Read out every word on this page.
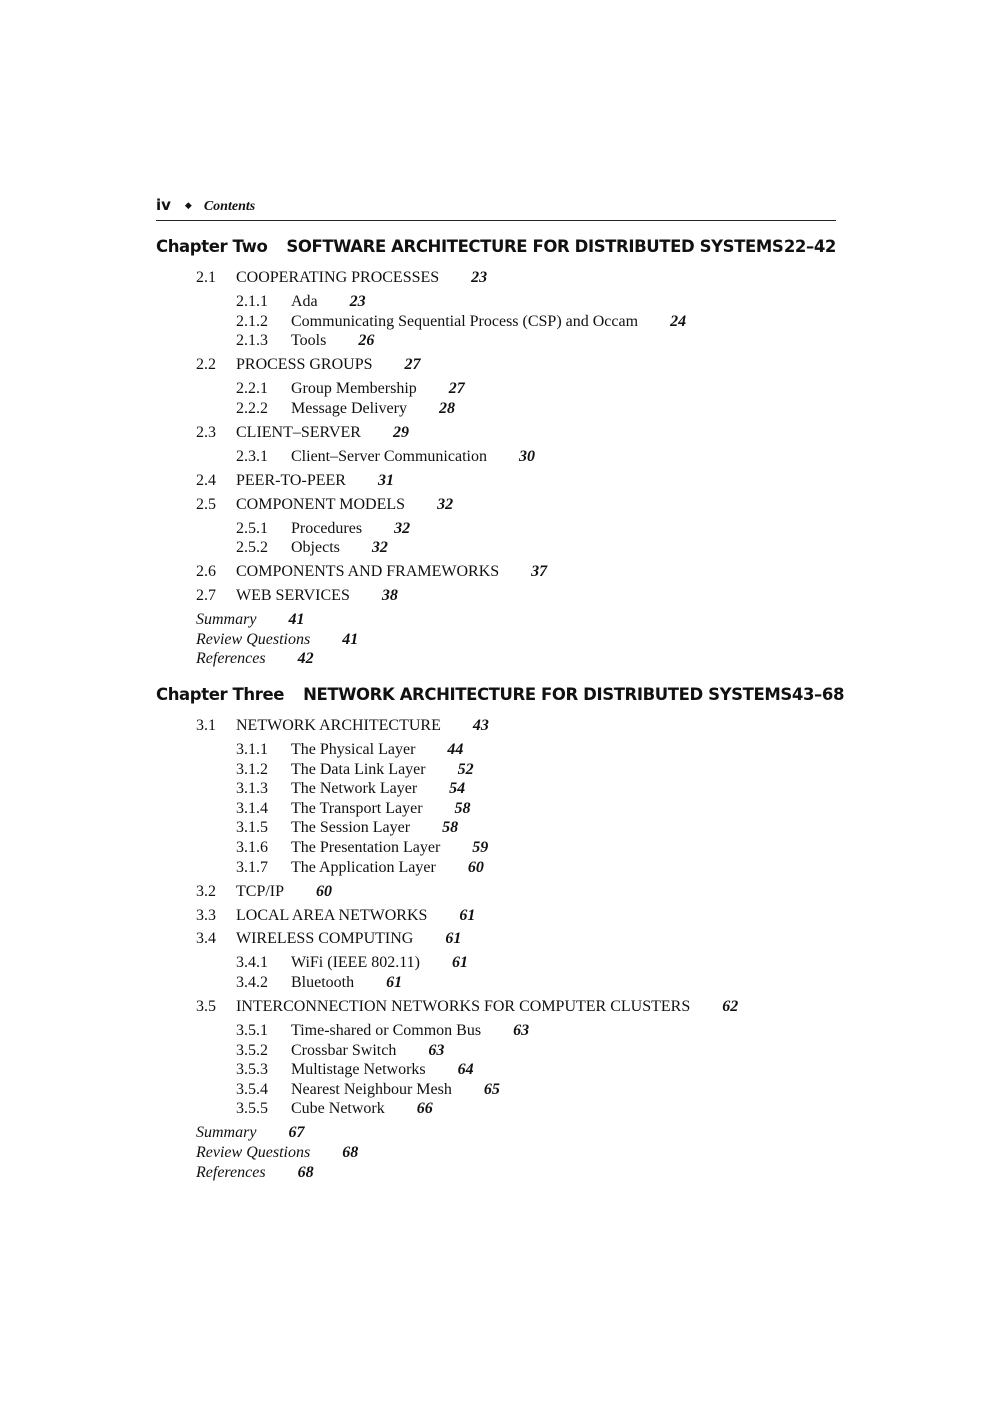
iv ◆ Contents
Chapter Two SOFTWARE ARCHITECTURE FOR DISTRIBUTED SYSTEMS 22–42
2.1	COOPERATING PROCESSES 23
2.1.1	Ada 23
2.1.2	Communicating Sequential Process (CSP) and Occam 24
2.1.3	Tools 26
2.2	PROCESS GROUPS 27
2.2.1	Group Membership 27
2.2.2	Message Delivery 28
2.3	CLIENT–SERVER 29
2.3.1	Client–Server Communication 30
2.4	PEER-TO-PEER 31
2.5	COMPONENT MODELS 32
2.5.1	Procedures 32
2.5.2	Objects 32
2.6	COMPONENTS AND FRAMEWORKS 37
2.7	WEB SERVICES 38
Summary 41
Review Questions 41
References 42
Chapter Three NETWORK ARCHITECTURE FOR DISTRIBUTED SYSTEMS 43–68
3.1	NETWORK ARCHITECTURE 43
3.1.1	The Physical Layer 44
3.1.2	The Data Link Layer 52
3.1.3	The Network Layer 54
3.1.4	The Transport Layer 58
3.1.5	The Session Layer 58
3.1.6	The Presentation Layer 59
3.1.7	The Application Layer 60
3.2	TCP/IP 60
3.3	LOCAL AREA NETWORKS 61
3.4	WIRELESS COMPUTING 61
3.4.1	WiFi (IEEE 802.11) 61
3.4.2	Bluetooth 61
3.5	INTERCONNECTION NETWORKS FOR COMPUTER CLUSTERS 62
3.5.1	Time-shared or Common Bus 63
3.5.2	Crossbar Switch 63
3.5.3	Multistage Networks 64
3.5.4	Nearest Neighbour Mesh 65
3.5.5	Cube Network 66
Summary 67
Review Questions 68
References 68
